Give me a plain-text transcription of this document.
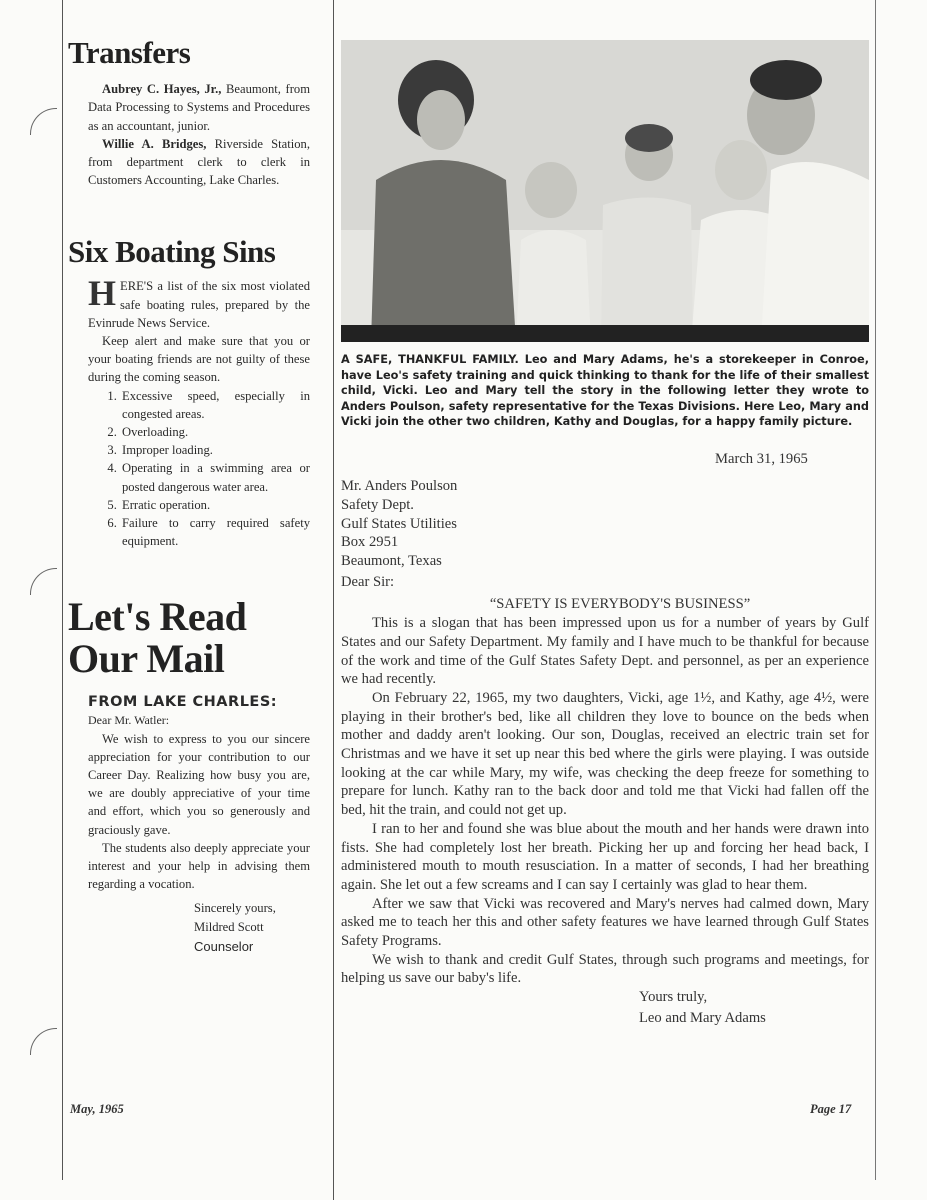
Transfers

Aubrey C. Hayes, Jr., Beaumont, from Data Processing to Systems and Procedures as an accountant, junior.

Willie A. Bridges, Riverside Station, from department clerk to clerk in Customers Accounting, Lake Charles.

Six Boating Sins

HERE'S a list of the six most violated safe boating rules, prepared by the Evinrude News Service.

Keep alert and make sure that you or your boating friends are not guilty of these during the coming season.

1. Excessive speed, especially in congested areas.
2. Overloading.
3. Improper loading.
4. Operating in a swimming area or posted dangerous water area.
5. Erratic operation.
6. Failure to carry required safety equipment.
Let's Read
Our Mail
FROM LAKE CHARLES:

Dear Mr. Watler:

We wish to express to you our sincere appreciation for your contribution to our Career Day. Realizing how busy you are, we are doubly appreciative of your time and effort, which you so generously and graciously gave.

The students also deeply appreciate your interest and your help in advising them regarding a vocation.

Sincerely yours,
Mildred Scott
Counselor
May, 1965	Page 17

A SAFE, THANKFUL FAMILY. Leo and Mary Adams, he's a storekeeper in Conroe, have Leo's safety training and quick thinking to thank for the life of their smallest child, Vicki. Leo and Mary tell the story in the following letter they wrote to Anders Poulson, safety representative for the Texas Divisions. Here Leo, Mary and Vicki join the other two children, Kathy and Douglas, for a happy family picture.

March 31, 1965
Mr. Anders Poulson
Safety Dept.
Gulf States Utilities
Box 2951
Beaumont, Texas
Dear Sir:
“SAFETY IS EVERYBODY'S BUSINESS”

This is a slogan that has been impressed upon us for a number of years by Gulf States and our Safety Department. My family and I have much to be thankful for because of the work and time of the Gulf States Safety Dept. and personnel, as per an experience we had recently.

On February 22, 1965, my two daughters, Vicki, age 1½, and Kathy, age 4½, were playing in their brother's bed, like all children they love to bounce on the beds when mother and daddy aren't looking. Our son, Douglas, received an electric train set for Christmas and we have it set up near this bed where the girls were playing. I was outside looking at the car while Mary, my wife, was checking the deep freeze for something to prepare for lunch. Kathy ran to the back door and told me that Vicki had fallen off the bed, hit the train, and could not get up.

I ran to her and found she was blue about the mouth and her hands were drawn into fists. She had completely lost her breath. Picking her up and forcing her head back, I administered mouth to mouth resusciation. In a matter of seconds, I had her breathing again. She let out a few screams and I can say I certainly was glad to hear them.

After we saw that Vicki was recovered and Mary's nerves had calmed down, Mary asked me to teach her this and other safety features we have learned through Gulf States Safety Programs.

We wish to thank and credit Gulf States, through such programs and meetings, for helping us save our baby's life.

Yours truly,
Leo and Mary Adams
